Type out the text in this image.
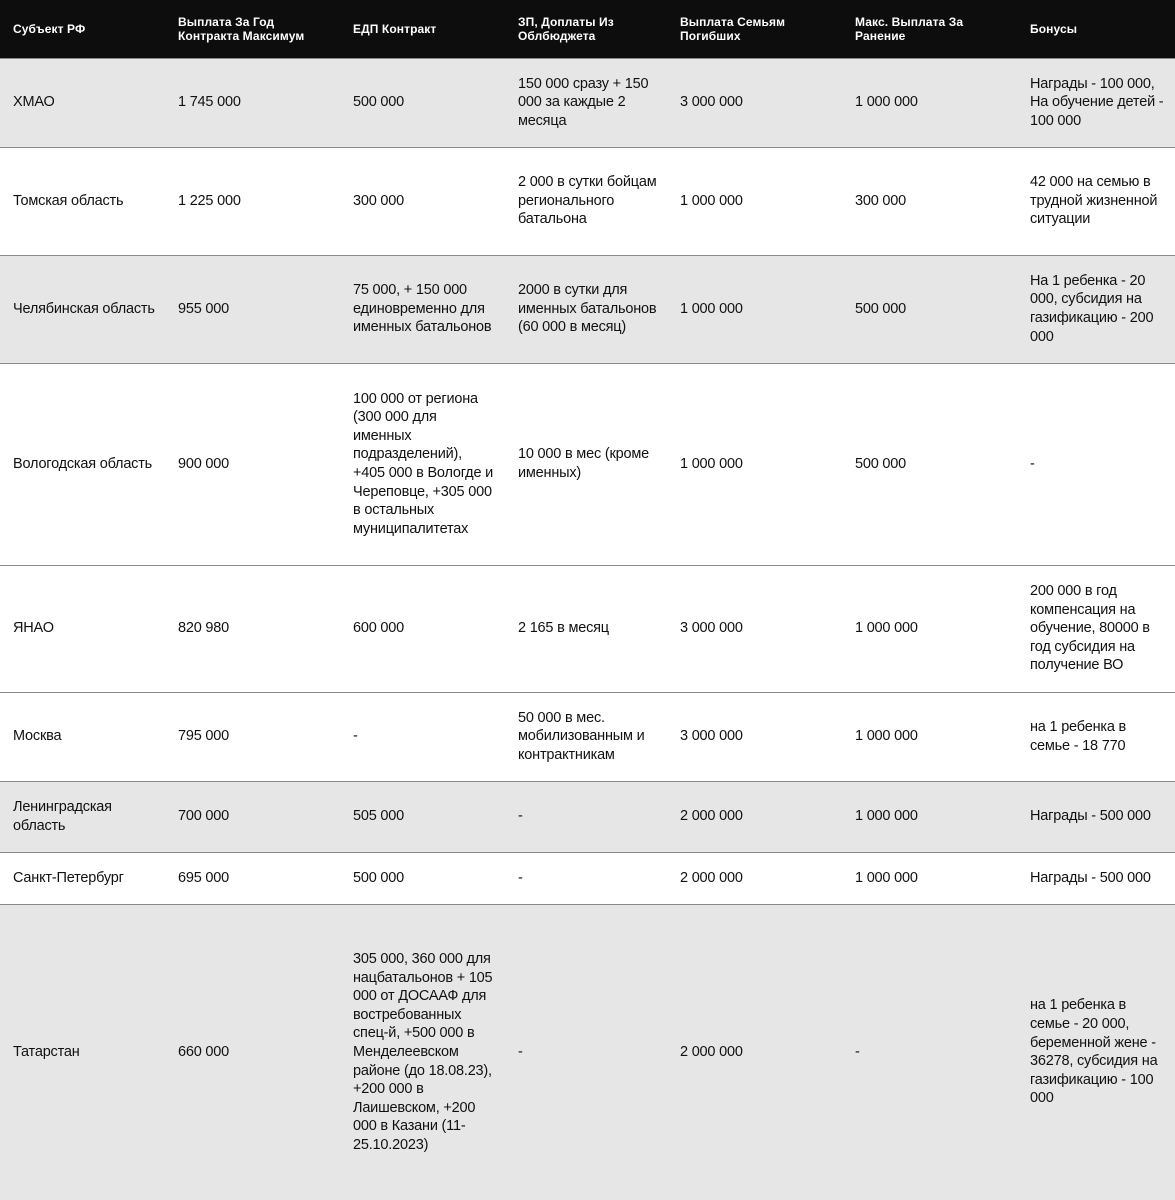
Субъект РФ	Выплата За Год Контракта Максимум	ЕДП Контракт	ЗП, Доплаты Из Облбюджета	Выплата Семьям Погибших	Макс. Выплата За Ранение	Бонусы
ХМАО	1 745 000	500 000	150 000 сразу + 150 000 за каждые 2 месяца	3 000 000	1 000 000	Награды - 100 000, На обучение детей - 100 000
Томская область	1 225 000	300 000	2 000 в сутки бойцам регионального батальона	1 000 000	300 000	42 000 на семью в трудной жизненной ситуации
Челябинская область	955 000	75 000, + 150 000 единовременно для именных батальонов	2000 в сутки для именных батальонов (60 000 в месяц)	1 000 000	500 000	На 1 ребенка - 20 000, субсидия на газификацию - 200 000
Вологодская область	900 000	100 000 от региона (300 000 для именных подразделений), +405 000 в Вологде и Череповце, +305 000 в остальных муниципалитетах	10 000 в мес (кроме именных)	1 000 000	500 000	-
ЯНАО	820 980	600 000	2 165 в месяц	3 000 000	1 000 000	200 000 в год компенсация на обучение, 80000 в год субсидия на получение ВО
Москва	795 000	-	50 000 в мес. мобилизованным и контрактникам	3 000 000	1 000 000	на 1 ребенка в семье - 18 770
Ленинградская область	700 000	505 000	-	2 000 000	1 000 000	Награды - 500 000
Санкт-Петербург	695 000	500 000	-	2 000 000	1 000 000	Награды - 500 000
Татарстан	660 000	305 000, 360 000 для нацбатальонов + 105 000 от ДОСААФ для востребованных спец-й, +500 000 в Менделеевском районе (до 18.08.23), +200 000 в Лаишевском, +200 000 в Казани (11-25.10.2023)	-	2 000 000	-	на 1 ребенка в семье - 20 000, беременной жене - 36278, субсидия на газификацию - 100 000
